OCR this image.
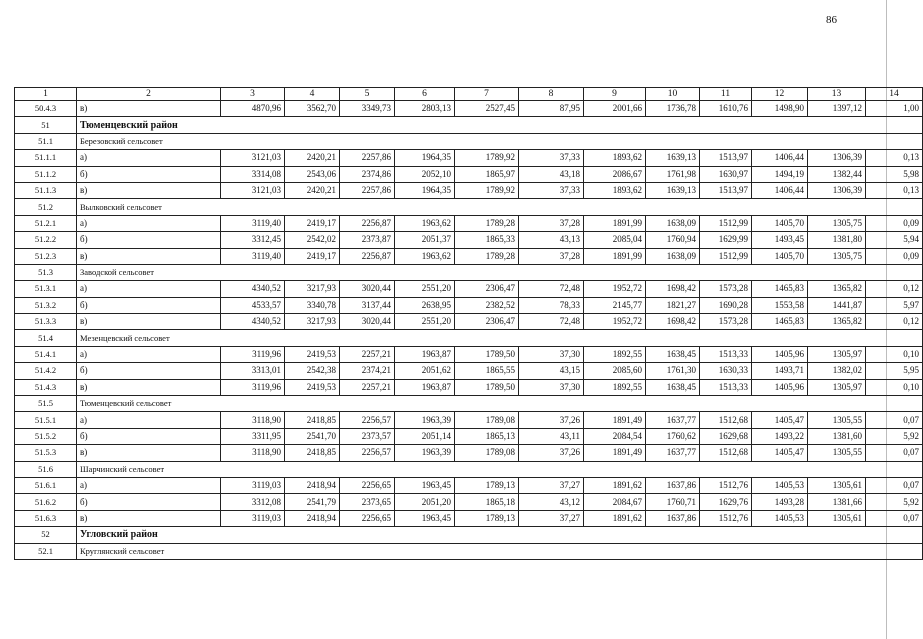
86
1	2	3	4	5	6	7	8	9	10	11	12	13	14
50.4.3	в)	4870,96	3562,70	3349,73	2803,13	2527,45	87,95	2001,66	1736,78	1610,76	1498,90	1397,12	1,00
51	Тюменцевский район												
51.1	Березовский сельсовет												
51.1.1	а)	3121,03	2420,21	2257,86	1964,35	1789,92	37,33	1893,62	1639,13	1513,97	1406,44	1306,39	0,13
51.1.2	б)	3314,08	2543,06	2374,86	2052,10	1865,97	43,18	2086,67	1761,98	1630,97	1494,19	1382,44	5,98
51.1.3	в)	3121,03	2420,21	2257,86	1964,35	1789,92	37,33	1893,62	1639,13	1513,97	1406,44	1306,39	0,13
51.2	Вылковский сельсовет												
51.2.1	а)	3119,40	2419,17	2256,87	1963,62	1789,28	37,28	1891,99	1638,09	1512,99	1405,70	1305,75	0,09
51.2.2	б)	3312,45	2542,02	2373,87	2051,37	1865,33	43,13	2085,04	1760,94	1629,99	1493,45	1381,80	5,94
51.2.3	в)	3119,40	2419,17	2256,87	1963,62	1789,28	37,28	1891,99	1638,09	1512,99	1405,70	1305,75	0,09
51.3	Заводской сельсовет												
51.3.1	а)	4340,52	3217,93	3020,44	2551,20	2306,47	72,48	1952,72	1698,42	1573,28	1465,83	1365,82	0,12
51.3.2	б)	4533,57	3340,78	3137,44	2638,95	2382,52	78,33	2145,77	1821,27	1690,28	1553,58	1441,87	5,97
51.3.3	в)	4340,52	3217,93	3020,44	2551,20	2306,47	72,48	1952,72	1698,42	1573,28	1465,83	1365,82	0,12
51.4	Мезенцевский сельсовет												
51.4.1	а)	3119,96	2419,53	2257,21	1963,87	1789,50	37,30	1892,55	1638,45	1513,33	1405,96	1305,97	0,10
51.4.2	б)	3313,01	2542,38	2374,21	2051,62	1865,55	43,15	2085,60	1761,30	1630,33	1493,71	1382,02	5,95
51.4.3	в)	3119,96	2419,53	2257,21	1963,87	1789,50	37,30	1892,55	1638,45	1513,33	1405,96	1305,97	0,10
51.5	Тюменцевский сельсовет												
51.5.1	а)	3118,90	2418,85	2256,57	1963,39	1789,08	37,26	1891,49	1637,77	1512,68	1405,47	1305,55	0,07
51.5.2	б)	3311,95	2541,70	2373,57	2051,14	1865,13	43,11	2084,54	1760,62	1629,68	1493,22	1381,60	5,92
51.5.3	в)	3118,90	2418,85	2256,57	1963,39	1789,08	37,26	1891,49	1637,77	1512,68	1405,47	1305,55	0,07
51.6	Шарчинский сельсовет												
51.6.1	а)	3119,03	2418,94	2256,65	1963,45	1789,13	37,27	1891,62	1637,86	1512,76	1405,53	1305,61	0,07
51.6.2	б)	3312,08	2541,79	2373,65	2051,20	1865,18	43,12	2084,67	1760,71	1629,76	1493,28	1381,66	5,92
51.6.3	в)	3119,03	2418,94	2256,65	1963,45	1789,13	37,27	1891,62	1637,86	1512,76	1405,53	1305,61	0,07
52	Угловский район												
52.1	Круглянский сельсовет												
